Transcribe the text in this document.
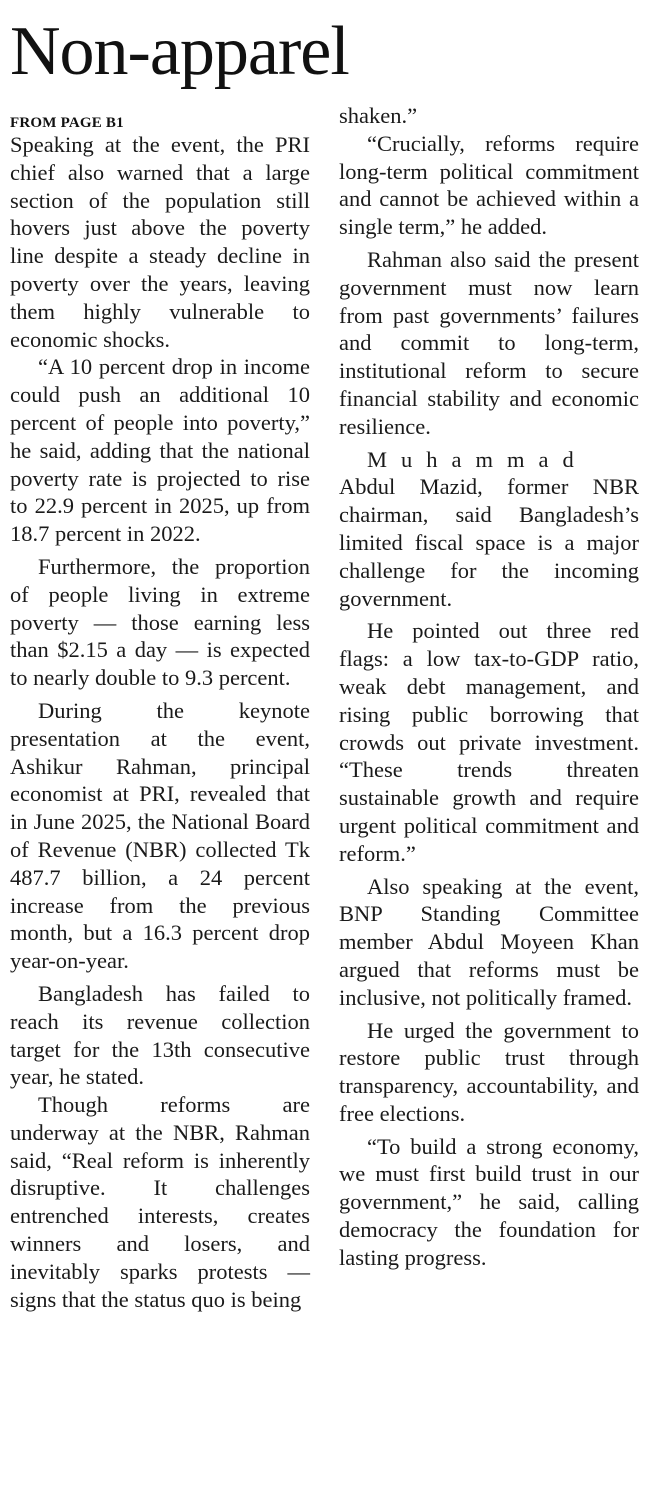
Non-apparel
FROM PAGE B1

Speaking at the event, the PRI chief also warned that a large section of the population still hovers just above the poverty line despite a steady decline in poverty over the years, leaving them highly vulnerable to economic shocks.

“A 10 percent drop in income could push an additional 10 percent of people into poverty,” he said, adding that the national poverty rate is projected to rise to 22.9 percent in 2025, up from 18.7 percent in 2022.

Furthermore, the proportion of people living in extreme poverty — those earning less than $2.15 a day — is expected to nearly double to 9.3 percent.

During the keynote presentation at the event, Ashikur Rahman, principal economist at PRI, revealed that in June 2025, the National Board of Revenue (NBR) collected Tk 487.7 billion, a 24 percent increase from the previous month, but a 16.3 percent drop year-on-year.

Bangladesh has failed to reach its revenue collection target for the 13th consecutive year, he stated.

Though reforms are underway at the NBR, Rahman said, “Real reform is inherently disruptive. It challenges entrenched interests, creates winners and losers, and inevitably sparks protests — signs that the status quo is being

shaken.”

“Crucially, reforms require long-term political commitment and cannot be achieved within a single term,” he added.

Rahman also said the present government must now learn from past governments’ failures and commit to long-term, institutional reform to secure financial stability and economic resilience.

Muhammad

Abdul Mazid, former NBR chairman, said Bangladesh’s limited fiscal space is a major challenge for the incoming government.

He pointed out three red flags: a low tax-to-GDP ratio, weak debt management, and rising public borrowing that crowds out private investment. “These trends threaten sustainable growth and require urgent political commitment and reform.”

Also speaking at the event, BNP Standing Committee member Abdul Moyeen Khan argued that reforms must be inclusive, not politically framed.

He urged the government to restore public trust through transparency, accountability, and free elections.

“To build a strong economy, we must first build trust in our government,” he said, calling democracy the foundation for lasting progress.
